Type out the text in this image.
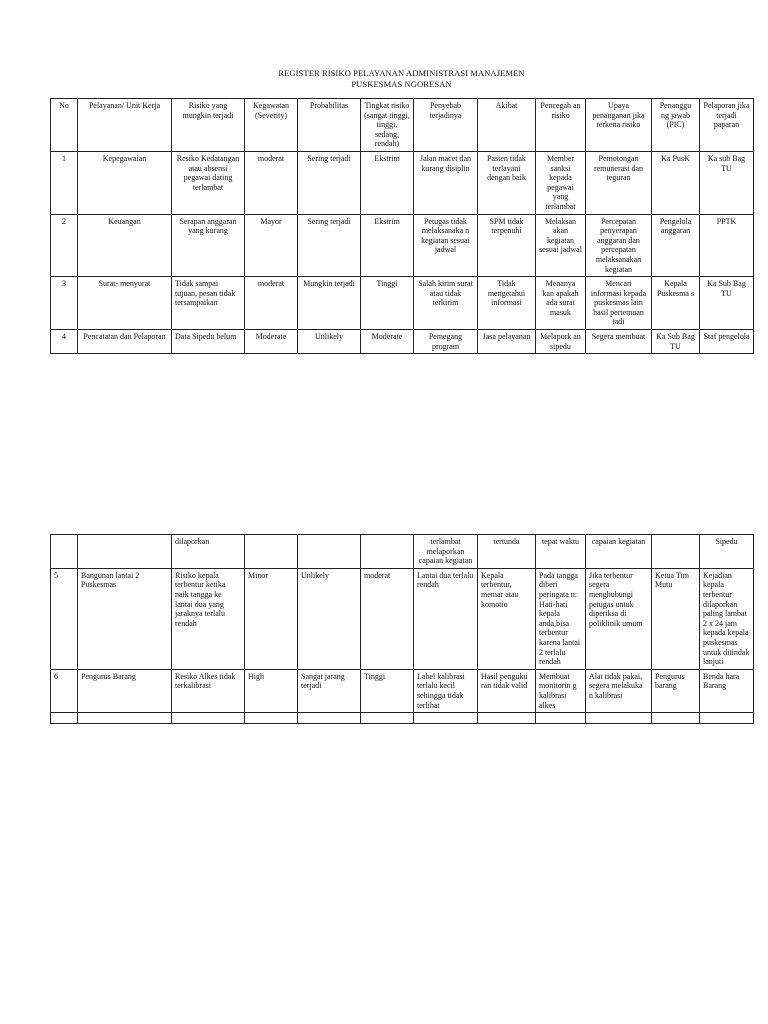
REGISTER RISIKO PELAYANAN ADMINISTRASI MANAJEMEN
PUSKESMAS NGORESAN
No	Pelayanan/ Unit Kerja	Risiko yang mungkin terjadi	Kegawatan (Severity)	Probabilitas	Tingkat risiko (sangat tinggi, tinggi, sedang, rendah)	Penyebab terjadinya	Akibat	Pencegah an risiko	Upaya penanganan jika terkena risiko	Penanggu ng jawab (PIC)	Pelaporan jika terjadi paparan
1	Kepegawaian	Resiko Kedatangan atau absensi pegawai dating terlambat	moderat	Sering terjadi	Ekstrim	Jalan macet dan kurang disiplin	Pasien tidak terlayani dengan baik	Member sanksi kepada pegawai yang terlambat	Pemotongan remunerasi dan teguran	Ka PusK	Ka sub Bag TU
2	Keuangan	Serapan anggaran yang kurang	Mayor	Sering terjadi	Ekstrim	Petugas tidak melaksanaka n kegiatan sesuai jadwal	SPM tidak terpenuhi	Melaksan akan kegiatan sesuai jadwal	Percepatan penyerapan anggaran dan percepatan melaksanakan kegiatan	Pengelola anggaran	PPTK
3	Surat- menyurat	Tidak sampai tujuan, pesan tidak tersampaikan	moderat	Mungkin terjadi	Tinggi	Salah kirim surat atau tidak terkirim	Tidak mengetahui informasi	Menanya kan apakah ada surat masuk	Mencari informasi kepada puskesmas lain hasil pertemuan tadi	Kepala Puskesma s	Ka Sub Bag TU
4	Pencatatan dan Pelaporan	Data Sipedu belum	Moderate	Unlikely	Moderate	Pemegang program	Jasa pelayanan	Melapork an sipedu	Segera membuat	Ka Sub Bag TU	Staf pengelola
		dilaporkan				terlambat melaporkan capaian kegiatan	tertunda	tepat waktu	capaian kegiatan		Sipedu
5	Bangunan lantai 2 Puskesmas	Risiko kepala terbentur ketika naik tangga ke lantai dua yang jaraknya terlalu rendah	Minor	Unlikely	moderat	Lantai dua terlalu rendah	Kepala terbentur, memar atau komotio	Pada tangga diberi peringata n: Hati-hati kepala anda,bisa terbentur karena lantai 2 terlalu rendah	Jika terbentur segera menghubungi petugas untuk diperiksa di poliklinik umum	Ketua Tim Mutu	Kejadian kepala terbentur dilaporkan paling lambat 2 x 24 jam kepada kepala puskesmas untuk ditindak lanjuti
6	Pengurus Barang	Resiko Alkes tidak terkalibrasi	High	Sangat jarang terjadi	Tinggi	Label kalibrasi terlalu kecil sehingga tidak terlihat	Hasil penguku ran tidak valid	Membuat monitorin g kalibrasi alkes	Alat tidak pakai, segera melakuka n kalibrasi	Pengurus barang	Benda hara Barang
